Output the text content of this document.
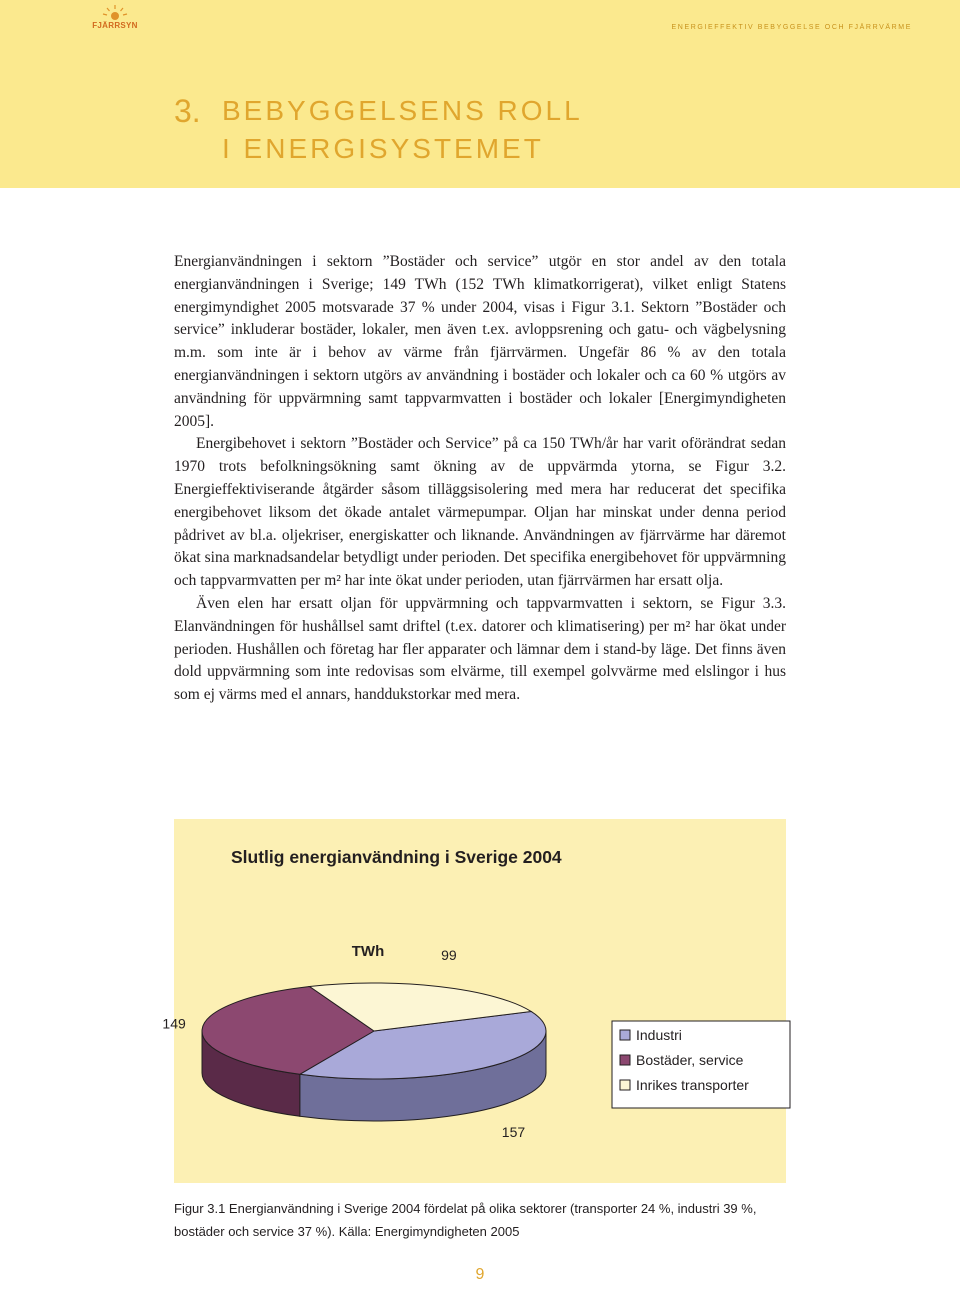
FJÄRRSYN	ENERGIEFFEKTIV BEBYGGELSE OCH FJÄRRVÄRME
3. BEBYGGELSENS ROLL
I ENERGISYSTEMET

Energianvändningen i sektorn ”Bostäder och service” utgör en stor andel av den totala energianvändningen i Sverige; 149 TWh (152 TWh klimatkorrigerat), vilket enligt Statens energimyndighet 2005 motsvarade 37 % under 2004, visas i Figur 3.1. Sektorn ”Bostäder och service” inkluderar bostäder, lokaler, men även t.ex. avloppsrening och gatu- och vägbelysning m.m. som inte är i behov av värme från fjärrvärmen. Ungefär 86 % av den totala energianvändningen i sektorn utgörs av användning i bostäder och lokaler och ca 60 % utgörs av användning för uppvärmning samt tappvarmvatten i bostäder och lokaler [Energimyndigheten 2005].

Energibehovet i sektorn ”Bostäder och Service” på ca 150 TWh/år har varit oförändrat sedan 1970 trots befolkningsökning samt ökning av de uppvärmda ytorna, se Figur 3.2. Energieffektiviserande åtgärder såsom tilläggsisolering med mera har reducerat det specifika energibehovet liksom det ökade antalet värmepumpar. Oljan har minskat under denna period pådrivet av bl.a. oljekriser, energiskatter och liknande. Användningen av fjärrvärme har däremot ökat sina marknadsandelar betydligt under perioden. Det specifika energibehovet för uppvärmning och tappvarmvatten per m² har inte ökat under perioden, utan fjärrvärmen har ersatt olja.

Även elen har ersatt oljan för uppvärmning och tappvarmvatten i sektorn, se Figur 3.3. Elanvändningen för hushållsel samt driftel (t.ex. datorer och klimatisering) per m² har ökat under perioden. Hushållen och företag har fler apparater och lämnar dem i stand-by läge. Det finns även dold uppvärmning som inte redovisas som elvärme, till exempel golvvärme med elslingor i hus som ej värms med el annars, handdukstorkar med mera.

Slutlig energianvändning i Sverige 2004
TWh
157
149
99
Industri
Bostäder, service
Inrikes transporter
Figur 3.1 Energianvändning i Sverige 2004 fördelat på olika sektorer (transporter 24 %, industri 39 %, bostäder och service 37 %). Källa: Energimyndigheten 2005
9
